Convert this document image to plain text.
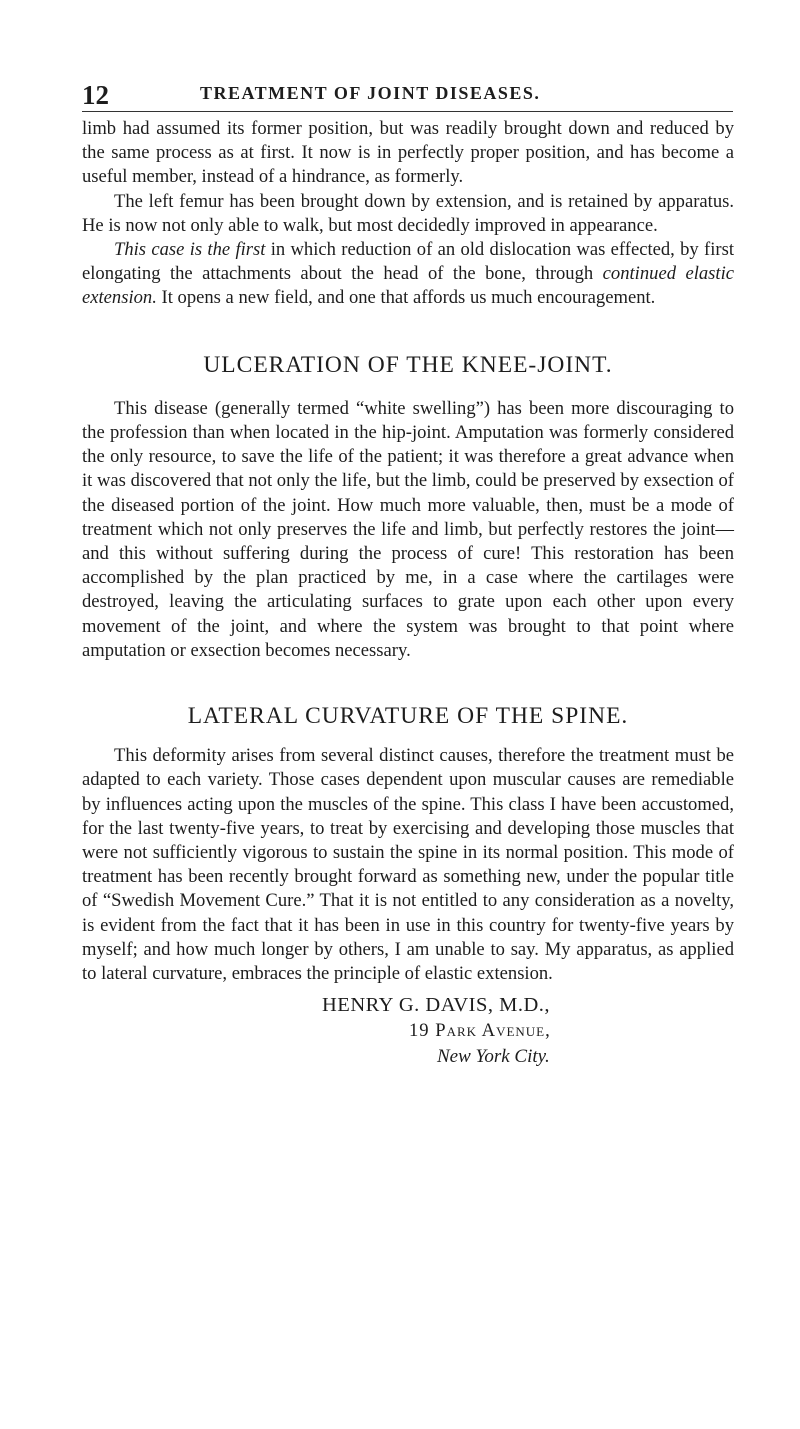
12	TREATMENT OF JOINT DISEASES.

limb had assumed its former position, but was readily brought down and reduced by the same process as at first. It now is in perfectly proper position, and has become a useful member, instead of a hindrance, as formerly.

The left femur has been brought down by extension, and is retained by apparatus. He is now not only able to walk, but most decidedly improved in appearance.

This case is the first in which reduction of an old dislocation was effected, by first elongating the attachments about the head of the bone, through continued elastic extension. It opens a new field, and one that affords us much encouragement.

ULCERATION OF THE KNEE-JOINT.

This disease (generally termed “white swelling”) has been more discouraging to the profession than when located in the hip-joint. Amputation was formerly considered the only resource, to save the life of the patient; it was therefore a great advance when it was discovered that not only the life, but the limb, could be preserved by exsection of the diseased portion of the joint. How much more valuable, then, must be a mode of treatment which not only preserves the life and limb, but perfectly restores the joint—and this without suffering during the process of cure! This restoration has been accomplished by the plan practiced by me, in a case where the cartilages were destroyed, leaving the articulating surfaces to grate upon each other upon every movement of the joint, and where the system was brought to that point where amputation or exsection becomes necessary.

LATERAL CURVATURE OF THE SPINE.

This deformity arises from several distinct causes, therefore the treatment must be adapted to each variety. Those cases dependent upon muscular causes are remediable by influences acting upon the muscles of the spine. This class I have been accustomed, for the last twenty-five years, to treat by exercising and developing those muscles that were not sufficiently vigorous to sustain the spine in its normal position. This mode of treatment has been recently brought forward as something new, under the popular title of “Swedish Movement Cure.” That it is not entitled to any consideration as a novelty, is evident from the fact that it has been in use in this country for twenty-five years by myself; and how much longer by others, I am unable to say. My apparatus, as applied to lateral curvature, embraces the principle of elastic extension.

HENRY G. DAVIS, M.D.,
19 Park Avenue,
New York City.
